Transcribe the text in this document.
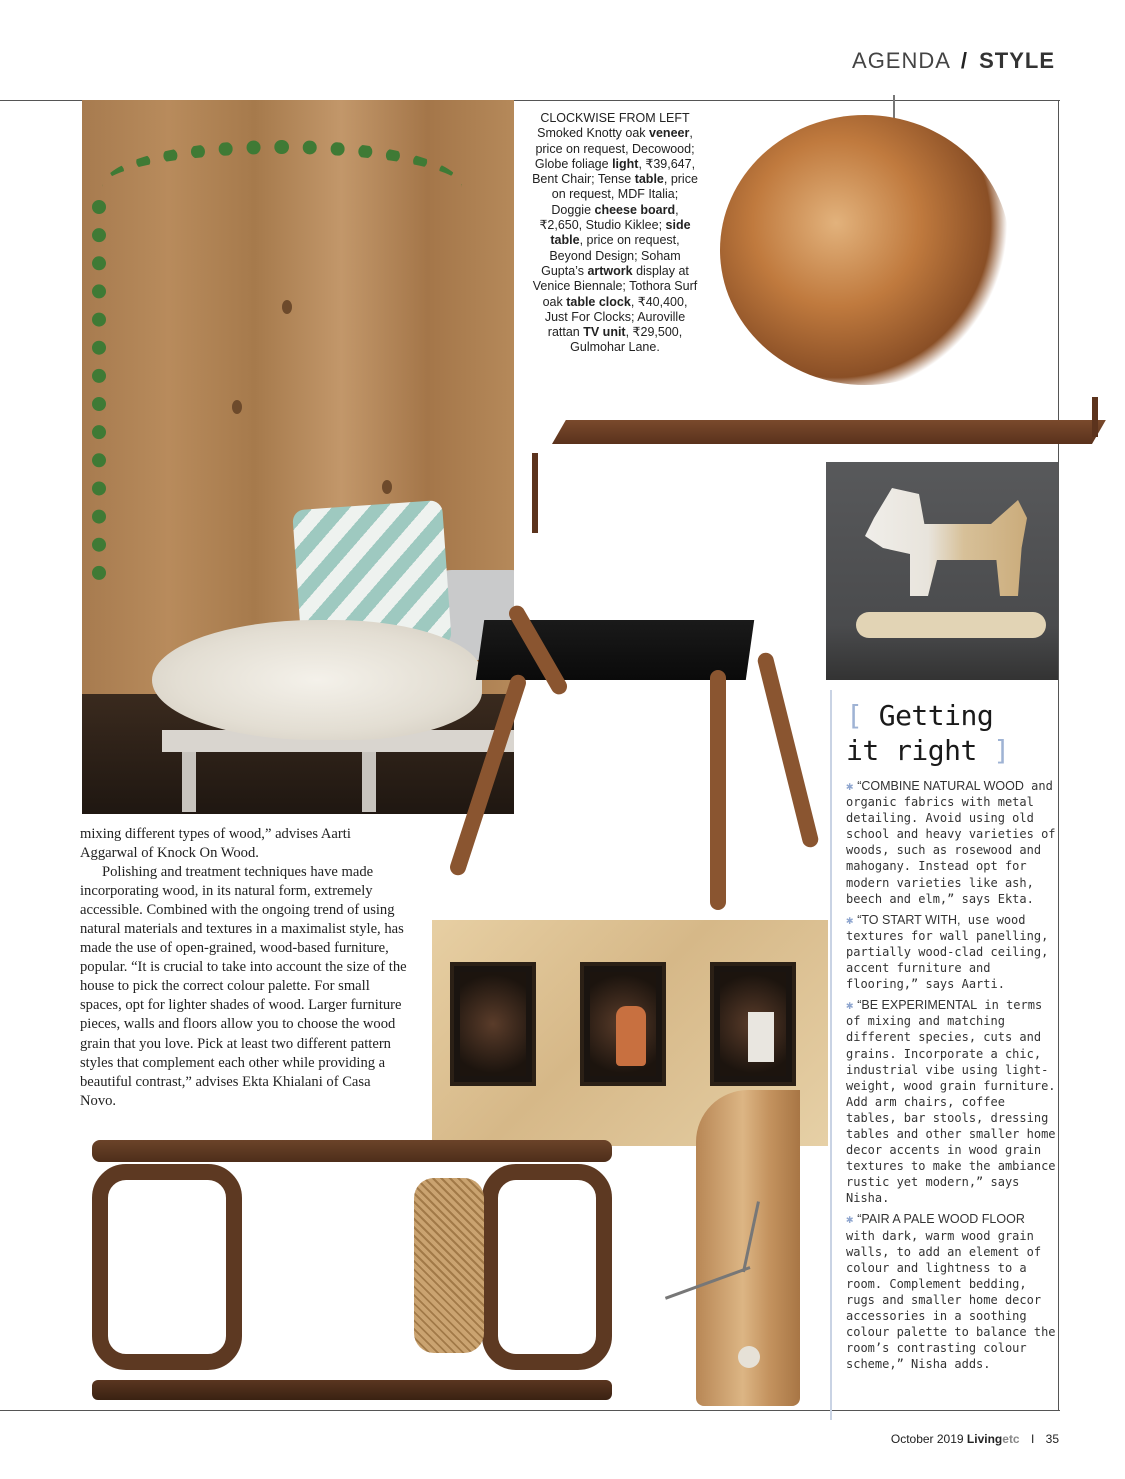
AGENDA / STYLE
CLOCKWISE FROM LEFT Smoked Knotty oak veneer, price on request, Decowood; Globe foliage light, ₹39,647, Bent Chair; Tense table, price on request, MDF Italia; Doggie cheese board, ₹2,650, Studio Kiklee; side table, price on request, Beyond Design; Soham Gupta’s artwork display at Venice Biennale; Tothora Surf oak table clock, ₹40,400, Just For Clocks; Auroville rattan TV unit, ₹29,500, Gulmohar Lane.

mixing different types of wood,” advises Aarti Aggarwal of Knock On Wood.

Polishing and treatment techniques have made incorporating wood, in its natural form, extremely accessible. Combined with the ongoing trend of using natural materials and textures in a maximalist style, has made the use of open-grained, wood-based furniture, popular. “It is crucial to take into account the size of the house to pick the correct colour palette. For small spaces, opt for lighter shades of wood. Larger furniture pieces, walls and floors allow you to choose the wood grain that you love. Pick at least two different pattern styles that complement each other while providing a beautiful contrast,” advises Ekta Khialani of Casa Novo.

[ Getting
it right ]

✱ “COMBINE NATURAL WOOD and organic fabrics with metal detailing. Avoid using old school and heavy varieties of woods, such as rosewood and mahogany. Instead opt for modern varieties like ash, beech and elm,” says Ekta.

✱ “TO START WITH, use wood textures for wall panelling, partially wood-clad ceiling, accent furniture and flooring,” says Aarti.

✱ “BE EXPERIMENTAL in terms of mixing and matching different species, cuts and grains. Incorporate a chic, industrial vibe using light-weight, wood grain furniture. Add arm chairs, coffee tables, bar stools, dressing tables and other smaller home decor accents in wood grain textures to make the ambiance rustic yet modern,” says Nisha.

✱ “PAIR A PALE WOOD FLOOR with dark, warm wood grain walls, to add an element of colour and lightness to a room. Complement bedding, rugs and smaller home decor accessories in a soothing colour palette to balance the room’s contrasting colour scheme,” Nisha adds.

October 2019 Livingetc I 35
